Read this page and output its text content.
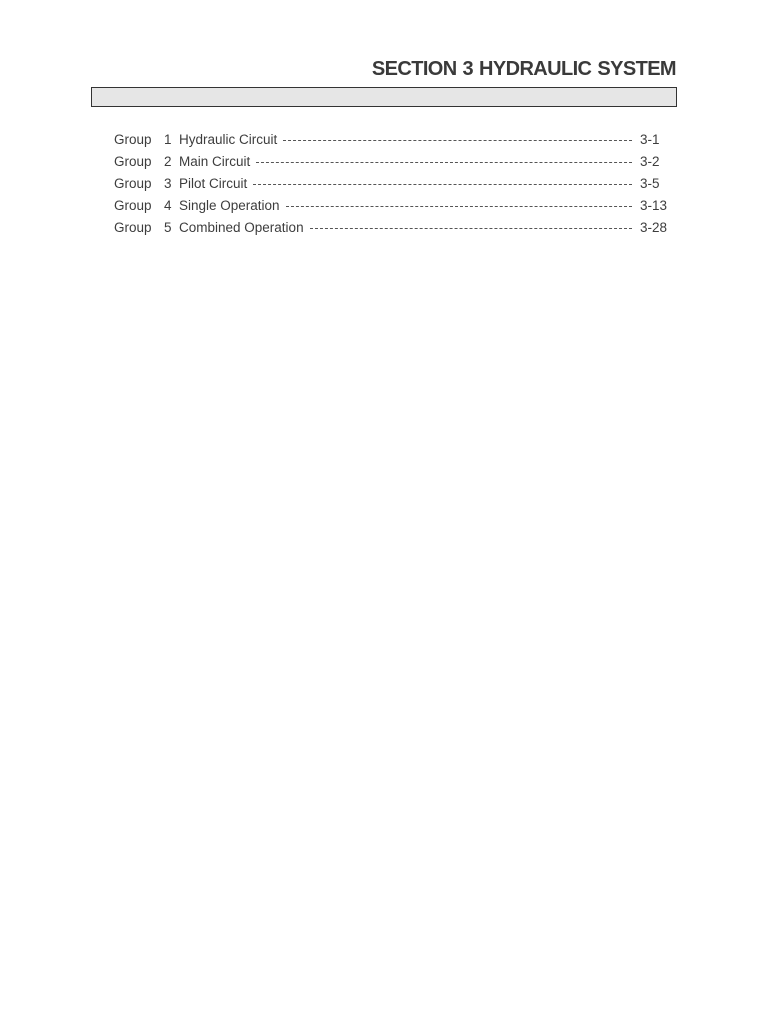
SECTION 3 HYDRAULIC SYSTEM
Group 1 Hydraulic Circuit	3-1
Group 2 Main Circuit	3-2
Group 3 Pilot Circuit	3-5
Group 4 Single Operation	3-13
Group 5 Combined Operation	3-28
